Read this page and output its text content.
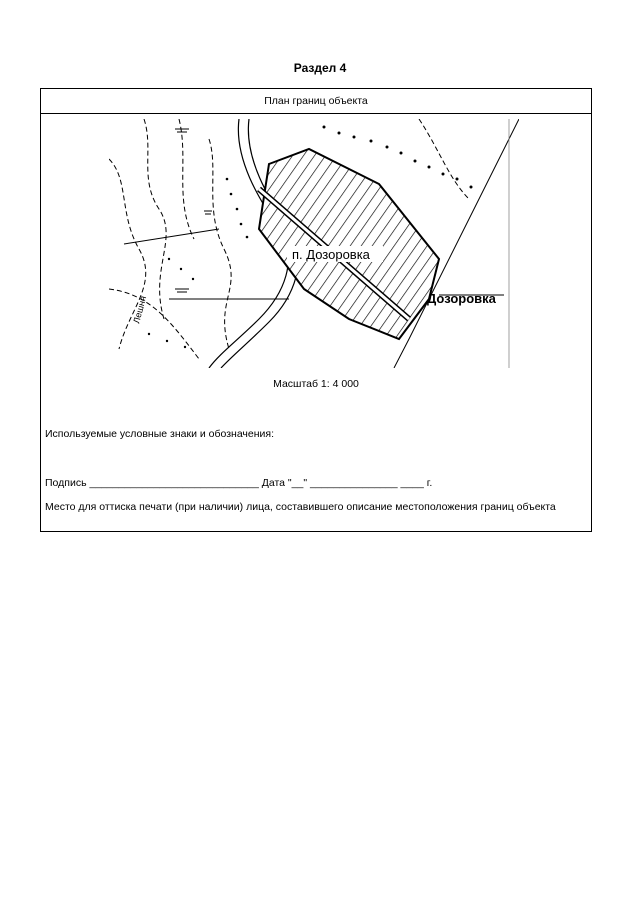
Раздел 4
План границ объекта
п. Дозоровка
Дозоровка
Лешня
Масштаб 1: 4 000
Используемые условные знаки и обозначения:
Подпись _____________________________ Дата "__" _______________ ____ г.
Место для оттиска печати (при наличии) лица, составившего описание местоположения границ объекта
